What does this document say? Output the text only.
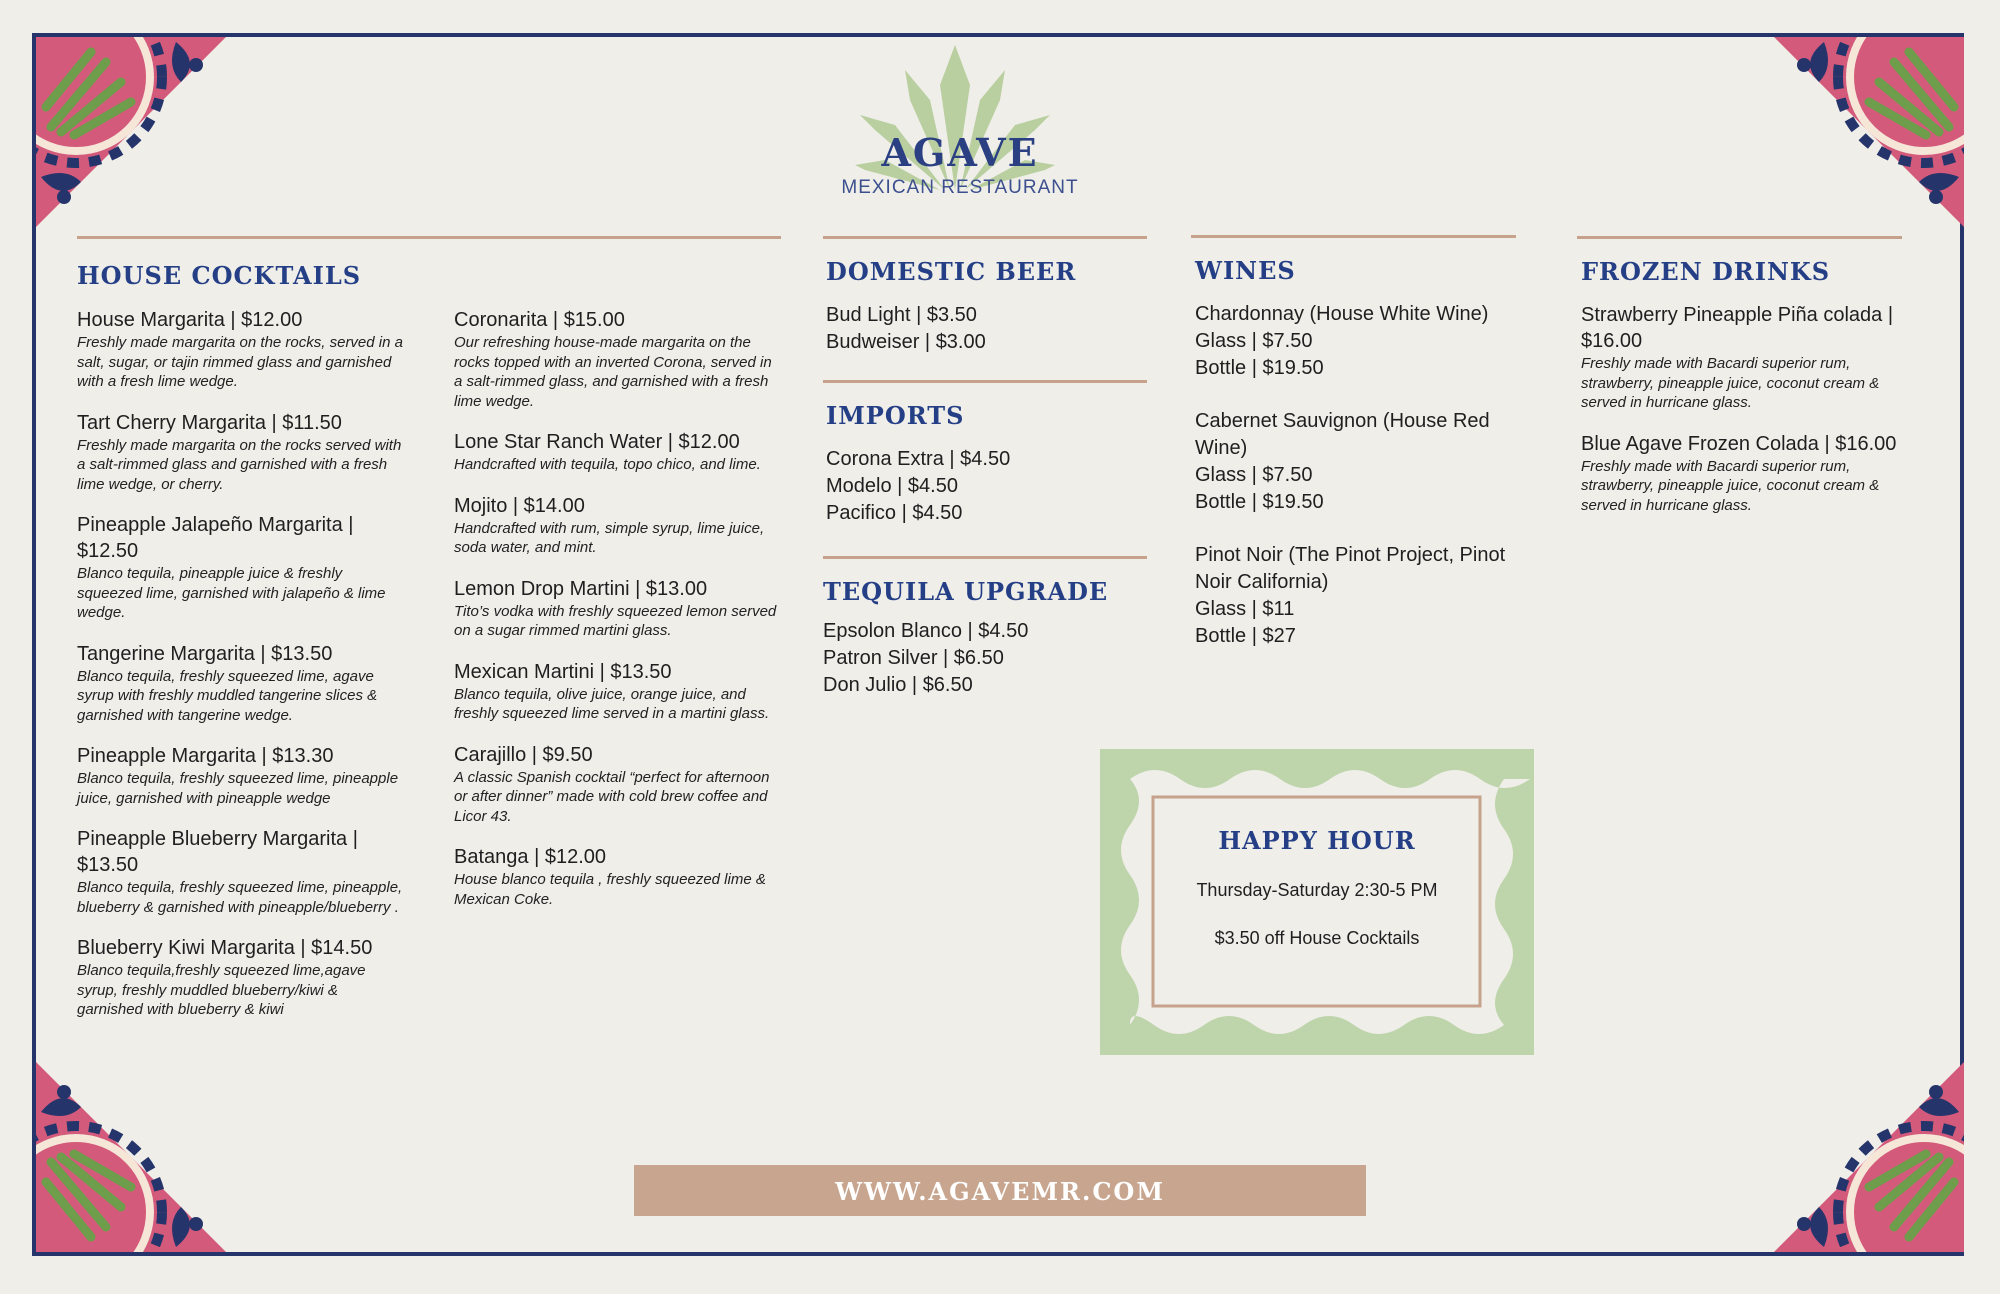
AGAVE
MEXICAN RESTAURANT
HOUSE COCKTAILS
House Margarita | $12.00
Freshly made margarita on the rocks, served in a salt, sugar, or tajin rimmed glass and garnished with a fresh lime wedge.
Tart Cherry Margarita | $11.50
Freshly made margarita on the rocks served with a salt-rimmed glass and garnished with a fresh lime wedge, or cherry.
Pineapple Jalapeño Margarita | $12.50
Blanco tequila, pineapple juice & freshly squeezed lime, garnished with jalapeño & lime wedge.
Tangerine Margarita | $13.50
Blanco tequila, freshly squeezed lime, agave syrup with freshly muddled tangerine slices & garnished with tangerine wedge.
Pineapple Margarita | $13.30
Blanco tequila, freshly squeezed lime, pineapple juice, garnished with pineapple wedge
Pineapple Blueberry Margarita | $13.50
Blanco tequila, freshly squeezed lime, pineapple, blueberry & garnished with pineapple/blueberry .
Blueberry Kiwi Margarita | $14.50
Blanco tequila,freshly squeezed lime,agave syrup, freshly muddled blueberry/kiwi & garnished with blueberry & kiwi
Coronarita | $15.00
Our refreshing house-made margarita on the rocks topped with an inverted Corona, served in a salt-rimmed glass, and garnished with a fresh lime wedge.
Lone Star Ranch Water | $12.00
Handcrafted with tequila, topo chico, and lime.
Mojito | $14.00
Handcrafted with rum, simple syrup, lime juice, soda water, and mint.
Lemon Drop Martini | $13.00
Tito’s vodka with freshly squeezed lemon served on a sugar rimmed martini glass.
Mexican Martini | $13.50
Blanco tequila, olive juice, orange juice, and freshly squeezed lime served in a martini glass.
Carajillo | $9.50
A classic Spanish cocktail “perfect for afternoon or after dinner” made with cold brew coffee and Licor 43.
Batanga | $12.00
House blanco tequila , freshly squeezed lime & Mexican Coke.
DOMESTIC BEER
Bud Light | $3.50
Budweiser | $3.00
IMPORTS
Corona Extra | $4.50
Modelo | $4.50
Pacifico | $4.50
TEQUILA UPGRADE
Epsolon Blanco | $4.50
Patron Silver | $6.50
Don Julio | $6.50
WINES
Chardonnay (House White Wine)
Glass | $7.50
Bottle | $19.50
Cabernet Sauvignon (House Red Wine)
Glass | $7.50
Bottle | $19.50
Pinot Noir (The Pinot Project, Pinot Noir California)
Glass | $11
Bottle | $27
FROZEN DRINKS
Strawberry Pineapple Piña colada | $16.00
Freshly made with Bacardi superior rum, strawberry, pineapple juice, coconut cream & served in hurricane glass.
Blue Agave Frozen Colada | $16.00
Freshly made with Bacardi superior rum, strawberry, pineapple juice, coconut cream & served in hurricane glass.
HAPPY HOUR
Thursday-Saturday 2:30-5 PM
$3.50 off House Cocktails
WWW.AGAVEMR.COM
